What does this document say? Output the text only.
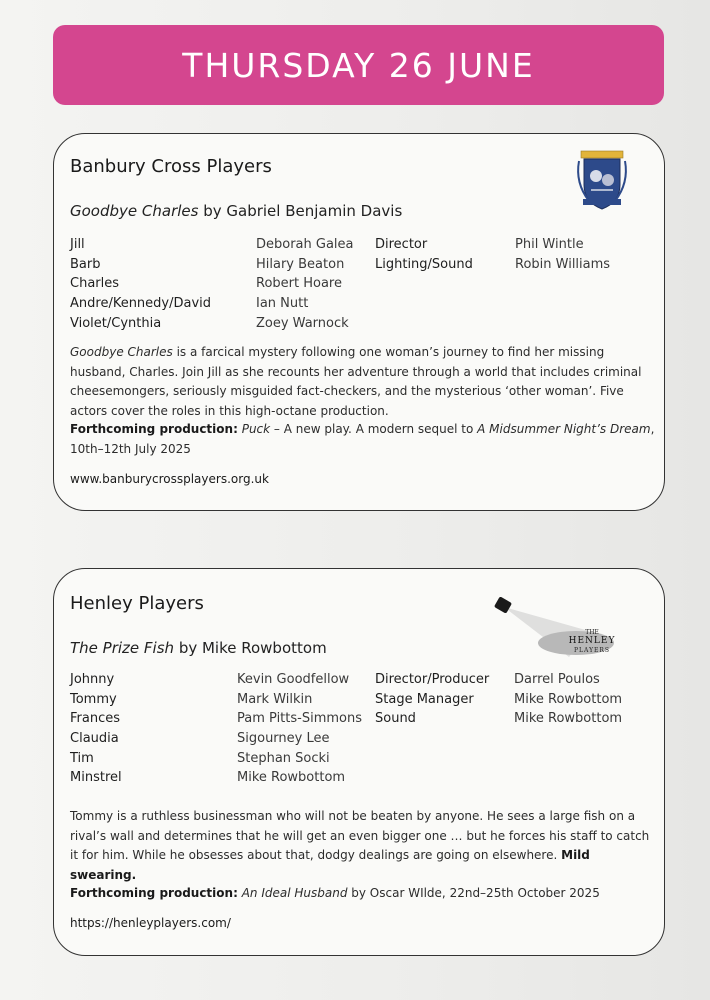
THURSDAY 26 JUNE
Banbury Cross Players
Goodbye Charles by Gabriel Benjamin Davis
Jill
Barb
Charles
Andre/Kennedy/David
Violet/Cynthia
Deborah Galea
Hilary Beaton
Robert Hoare
Ian Nutt
Zoey Warnock
Director
Lighting/Sound
Phil Wintle
Robin Williams
Goodbye Charles is a farcical mystery following one woman’s journey to find her missing husband, Charles. Join Jill as she recounts her adventure through a world that includes criminal cheesemongers, seriously misguided fact-checkers, and the mysterious ‘other woman’. Five actors cover the roles in this high-octane production.
Forthcoming production: Puck – A new play. A modern sequel to A Midsummer Night’s Dream, 10th–12th July 2025
www.banburycrossplayers.org.uk
Henley Players
THE
HENLEY
PLAYERS
The Prize Fish by Mike Rowbottom
Johnny
Tommy
Frances
Claudia
Tim
Minstrel
Kevin Goodfellow
Mark Wilkin
Pam Pitts-Simmons
Sigourney Lee
Stephan Socki
Mike Rowbottom
Director/Producer
Stage Manager
Sound
Darrel Poulos
Mike Rowbottom
Mike Rowbottom
Tommy is a ruthless businessman who will not be beaten by anyone. He sees a large fish on a rival’s wall and determines that he will get an even bigger one … but he forces his staff to catch it for him. While he obsesses about that, dodgy dealings are going on elsewhere. Mild swearing.
Forthcoming production: An Ideal Husband by Oscar WIlde, 22nd–25th October 2025
https://henleyplayers.com/
